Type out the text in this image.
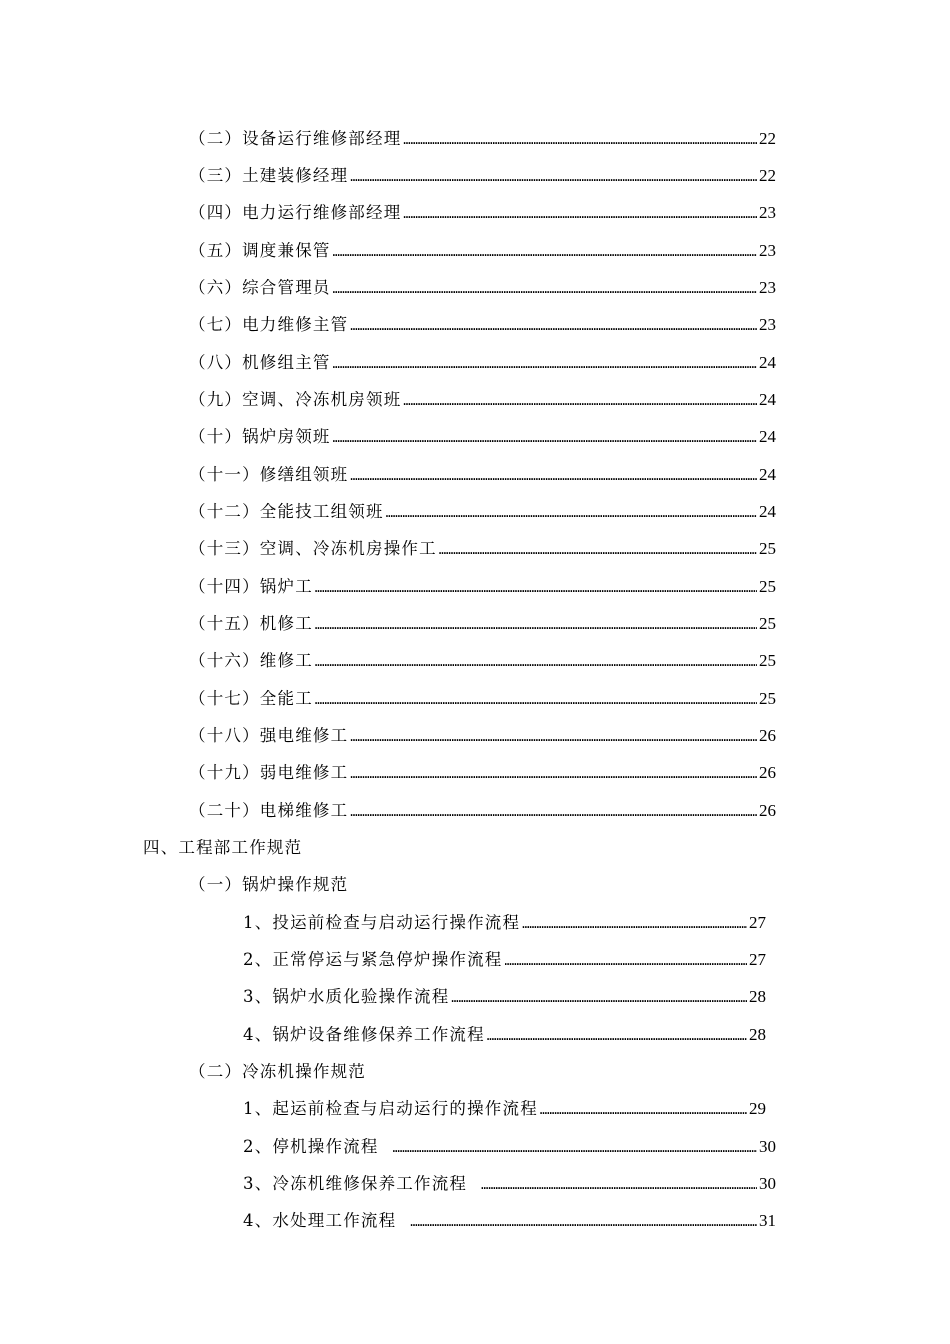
（二）设备运行维修部经理 ………………………………………………………………………………………………………………………………………………………………………………	22
（三）土建装修经理 ………………………………………………………………………………………………………………………………………………………………………………	22
（四）电力运行维修部经理 ………………………………………………………………………………………………………………………………………………………………………………	23
（五）调度兼保管 ………………………………………………………………………………………………………………………………………………………………………………	23
（六）综合管理员 ………………………………………………………………………………………………………………………………………………………………………………	23
（七）电力维修主管 ………………………………………………………………………………………………………………………………………………………………………………	23
（八）机修组主管 ………………………………………………………………………………………………………………………………………………………………………………	24
（九）空调、冷冻机房领班 ………………………………………………………………………………………………………………………………………………………………………………	24
（十）锅炉房领班 ………………………………………………………………………………………………………………………………………………………………………………	24
（十一）修缮组领班 ………………………………………………………………………………………………………………………………………………………………………………	24
（十二）全能技工组领班 ………………………………………………………………………………………………………………………………………………………………………………	24
（十三）空调、冷冻机房操作工 ………………………………………………………………………………………………………………………………………………………………………………	25
（十四）锅炉工 ………………………………………………………………………………………………………………………………………………………………………………	25
（十五）机修工 ………………………………………………………………………………………………………………………………………………………………………………	25
（十六）维修工 ………………………………………………………………………………………………………………………………………………………………………………	25
（十七）全能工 ………………………………………………………………………………………………………………………………………………………………………………	25
（十八）强电维修工 ………………………………………………………………………………………………………………………………………………………………………………	26
（十九）弱电维修工 ………………………………………………………………………………………………………………………………………………………………………………	26
（二十）电梯维修工 ………………………………………………………………………………………………………………………………………………………………………………	26
四、工程部工作规范
（一）锅炉操作规范
1、投运前检查与启动运行操作流程 ………………………………………………………………………………………………………………………………………………………………………………	27
2、正常停运与紧急停炉操作流程 ………………………………………………………………………………………………………………………………………………………………………………	27
3、锅炉水质化验操作流程 ………………………………………………………………………………………………………………………………………………………………………………	28
4、锅炉设备维修保养工作流程 ………………………………………………………………………………………………………………………………………………………………………………	28
（二）冷冻机操作规范
1、起运前检查与启动运行的操作流程 ………………………………………………………………………………………………………………………………………………………………………………	29
2、停机操作流程 ………………………………………………………………………………………………………………………………………………………………………………	30
3、冷冻机维修保养工作流程 ………………………………………………………………………………………………………………………………………………………………………………	30
4、水处理工作流程 ………………………………………………………………………………………………………………………………………………………………………………	31
